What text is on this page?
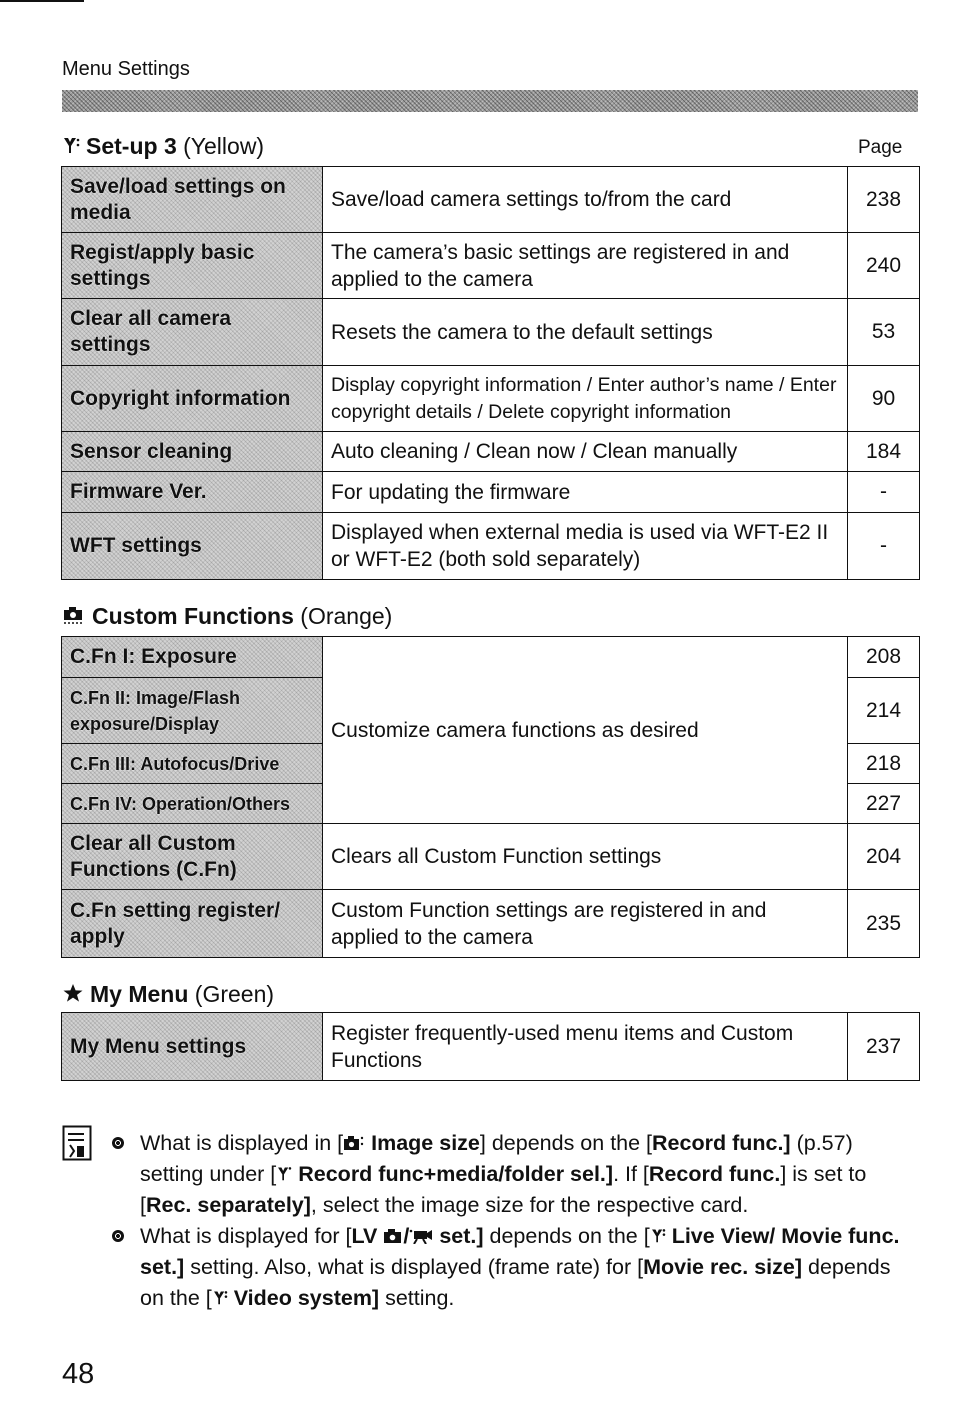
Menu Settings
Set-up 3 (Yellow)	Page
Save/load settings on media	Save/load camera settings to/from the card	238
Regist/apply basic settings	The camera’s basic settings are registered in and applied to the camera	240
Clear all camera settings	Resets the camera to the default settings	53
Copyright information	Display copyright information / Enter author’s name / Enter copyright details / Delete copyright information	90
Sensor cleaning	Auto cleaning / Clean now / Clean manually	184
Firmware Ver.	For updating the firmware	-
WFT settings	Displayed when external media is used via WFT-E2 II or WFT-E2 (both sold separately)	-
Custom Functions (Orange)
C.Fn I: Exposure	Customize camera functions as desired	208
C.Fn II: Image/Flash exposure/Display		214
C.Fn III: Autofocus/Drive		218
C.Fn IV: Operation/Others		227
Clear all Custom Functions (C.Fn)	Clears all Custom Function settings	204
C.Fn setting register/ apply	Custom Function settings are registered in and applied to the camera	235
My Menu (Green)
My Menu settings	Register frequently-used menu items and Custom Functions	237
What is displayed in [ Image size] depends on the [Record func.] (p.57) setting under [ Record func+media/folder sel.]. If [Record func.] is set to [Rec. separately], select the image size for the respective card.
What is displayed for [LV / set.] depends on the [ Live View/ Movie func. set.] setting. Also, what is displayed (frame rate) for [Movie rec. size] depends on the [ Video system] setting.
48
